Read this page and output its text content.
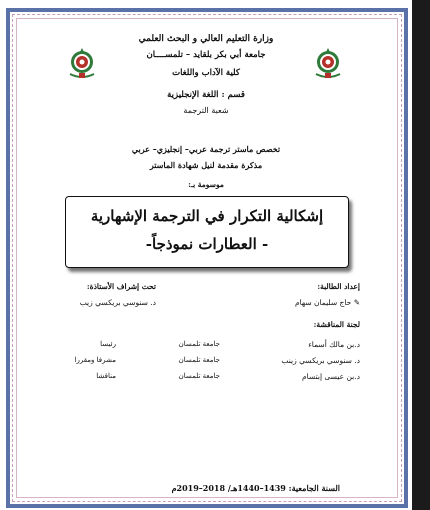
وزارة التعليم العالي و البحث العلمي
جامعة أبي بكر بلقايد – تلمســــان
كلية الآداب واللغات
قسم : اللغة الإنجليزية
شعبة الترجمة
تخصص ماستر ترجمة عربي– إنجليزي– عربي
مذكرة مقدمة لنيل شهادة الماستر
موسومة بـ:
إشكالية التكرار في الترجمة الإشهارية
- العطارات نموذجاً-
إعداد الطالبة:
✎ حاج سليمان سهام
تحت إشراف الأستاذة:
د. سنوسي بريكسي زيب
لجنة المناقشة:
د.بن مالك أسماء
جامعة تلمسان
رئيسا
د. سنوسي بريكسي زينب
جامعة تلمسان
مشرفا ومقررا
د.بن عيسى إبتسام
جامعة تلمسان
مناقشا
السنة الجامعية: 1439–1440هـ/ 2018–2019م
